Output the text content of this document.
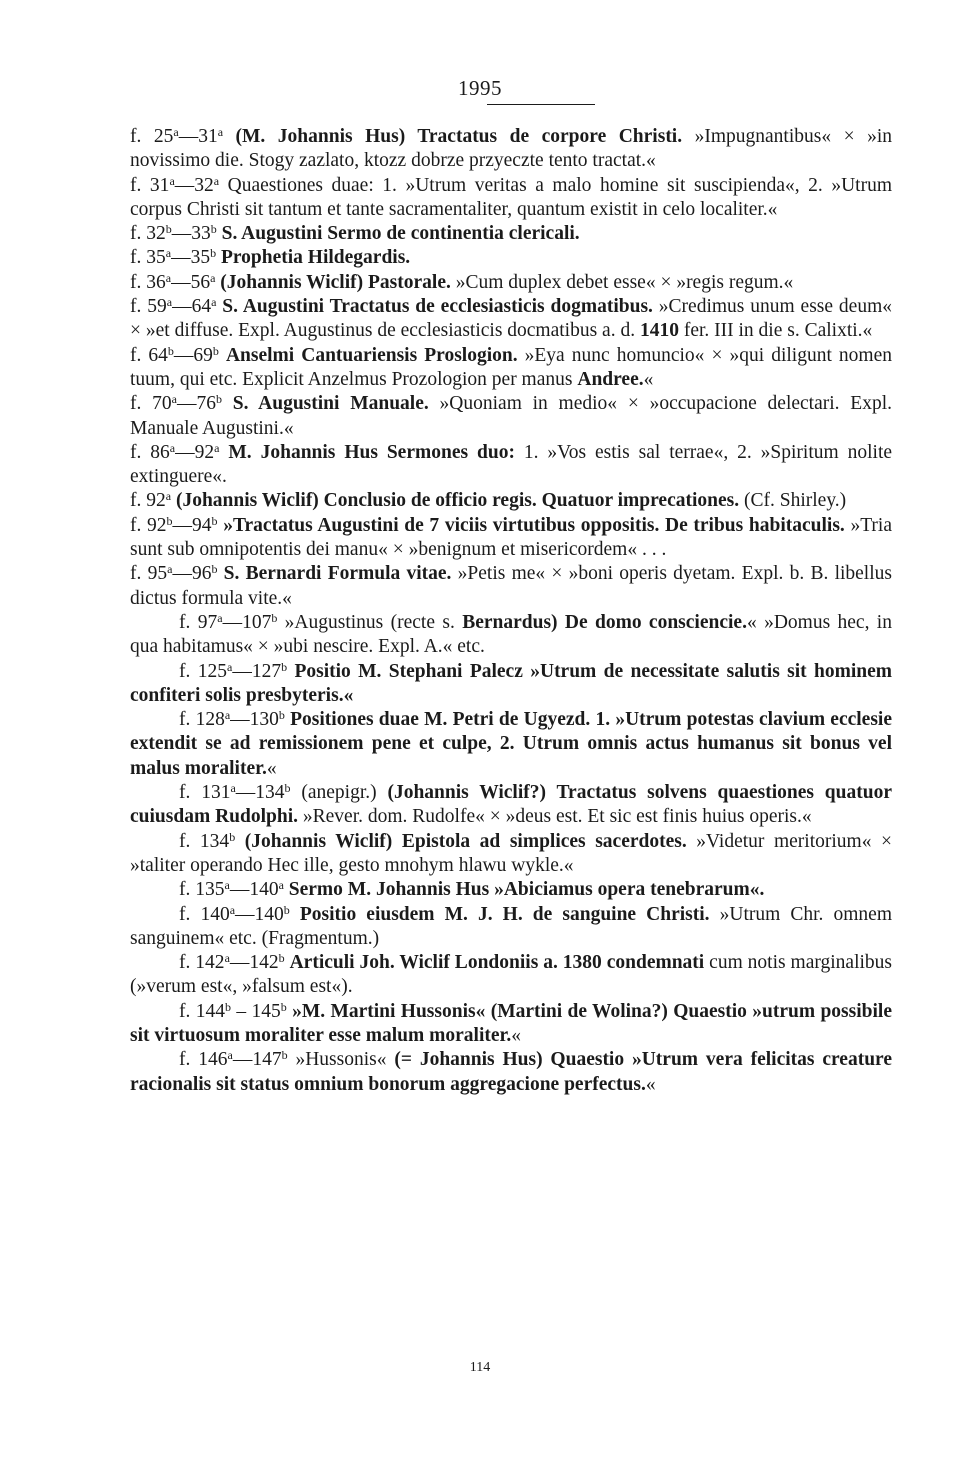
1995

f. 25$^a$—31$^a$ (M. Johannis Hus) Tractatus de corpore Christi. »Impugnantibus« × »in novissimo die. Stogy zazlato, ktozz dobrze przyeczte tento tractat.«

f. 31$^a$—32$^a$ Quaestiones duae: 1. »Utrum veritas a malo homine sit suscipienda«, 2. »Utrum corpus Christi sit tantum et tante sacramentaliter, quantum existit in celo localiter.«

f. 32$^b$—33$^b$ S. Augustini Sermo de continentia clericali.

f. 35$^a$—35$^b$ Prophetia Hildegardis.

f. 36$^a$—56$^a$ (Johannis Wiclif) Pastorale. »Cum duplex debet esse« × »regis regum.«

f. 59$^a$—64$^a$ S. Augustini Tractatus de ecclesiasticis dogmatibus. »Credimus unum esse deum« × »et diffuse. Expl. Augustinus de ecclesiasticis docmatibus a. d. 1410 fer. III in die s. Calixti.«

f. 64$^b$—69$^b$ Anselmi Cantuariensis Proslogion. »Eya nunc homuncio« × »qui diligunt nomen tuum, qui etc. Explicit Anzelmus Prozologion per manus Andree.«

f. 70$^a$—76$^b$ S. Augustini Manuale. »Quoniam in medio« × »occupacione delectari. Expl. Manuale Augustini.«

f. 86$^a$—92$^a$ M. Johannis Hus Sermones duo: 1. »Vos estis sal terrae«, 2. »Spiritum nolite extinguere«.

f. 92$^a$ (Johannis Wiclif) Conclusio de officio regis. Quatuor imprecationes. (Cf. Shirley.)

f. 92$^b$—94$^b$ »Tractatus Augustini de 7 viciis virtutibus oppositis. De tribus habitaculis. »Tria sunt sub omnipotentis dei manu« × »benignum et misericordem« . . .

f. 95$^a$—96$^b$ S. Bernardi Formula vitae. »Petis me« × »boni operis dyetam. Expl. b. B. libellus dictus formula vite.«

f. 97$^a$—107$^b$ »Augustinus (recte s. Bernardus) De domo consciencie.« »Domus hec, in qua habitamus« × »ubi nescire. Expl. A.« etc.

f. 125$^a$—127$^b$ Positio M. Stephani Palecz »Utrum de necessitate salutis sit hominem confiteri solis presbyteris.«

f. 128$^a$—130$^b$ Positiones duae M. Petri de Ugyezd. 1. »Utrum potestas clavium ecclesie extendit se ad remissionem pene et culpe, 2. Utrum omnis actus humanus sit bonus vel malus moraliter.«

f. 131$^a$—134$^b$ (anepigr.) (Johannis Wiclif?) Tractatus solvens quaestiones quatuor cuiusdam Rudolphi. »Rever. dom. Rudolfe« × »deus est. Et sic est finis huius operis.«

f. 134$^b$ (Johannis Wiclif) Epistola ad simplices sacerdotes. »Videtur meritorium« × »taliter operando Hec ille, gesto mnohym hlawu wykle.«

f. 135$^a$—140$^a$ Sermo M. Johannis Hus »Abiciamus opera tenebrarum«.

f. 140$^a$—140$^b$ Positio eiusdem M. J. H. de sanguine Christi. »Utrum Chr. omnem sanguinem« etc. (Fragmentum.)

f. 142$^a$—142$^b$ Articuli Joh. Wiclif Londoniis a. 1380 condemnati cum notis marginalibus (»verum est«, »falsum est«).

f. 144$^b$ – 145$^b$ »M. Martini Hussonis« (Martini de Wolina?) Quaestio »utrum possibile sit virtuosum moraliter esse malum moraliter.«

f. 146$^a$—147$^b$ »Hussonis« (= Johannis Hus) Quaestio »Utrum vera felicitas creature racionalis sit status omnium bonorum aggregacione perfectus.«

114
